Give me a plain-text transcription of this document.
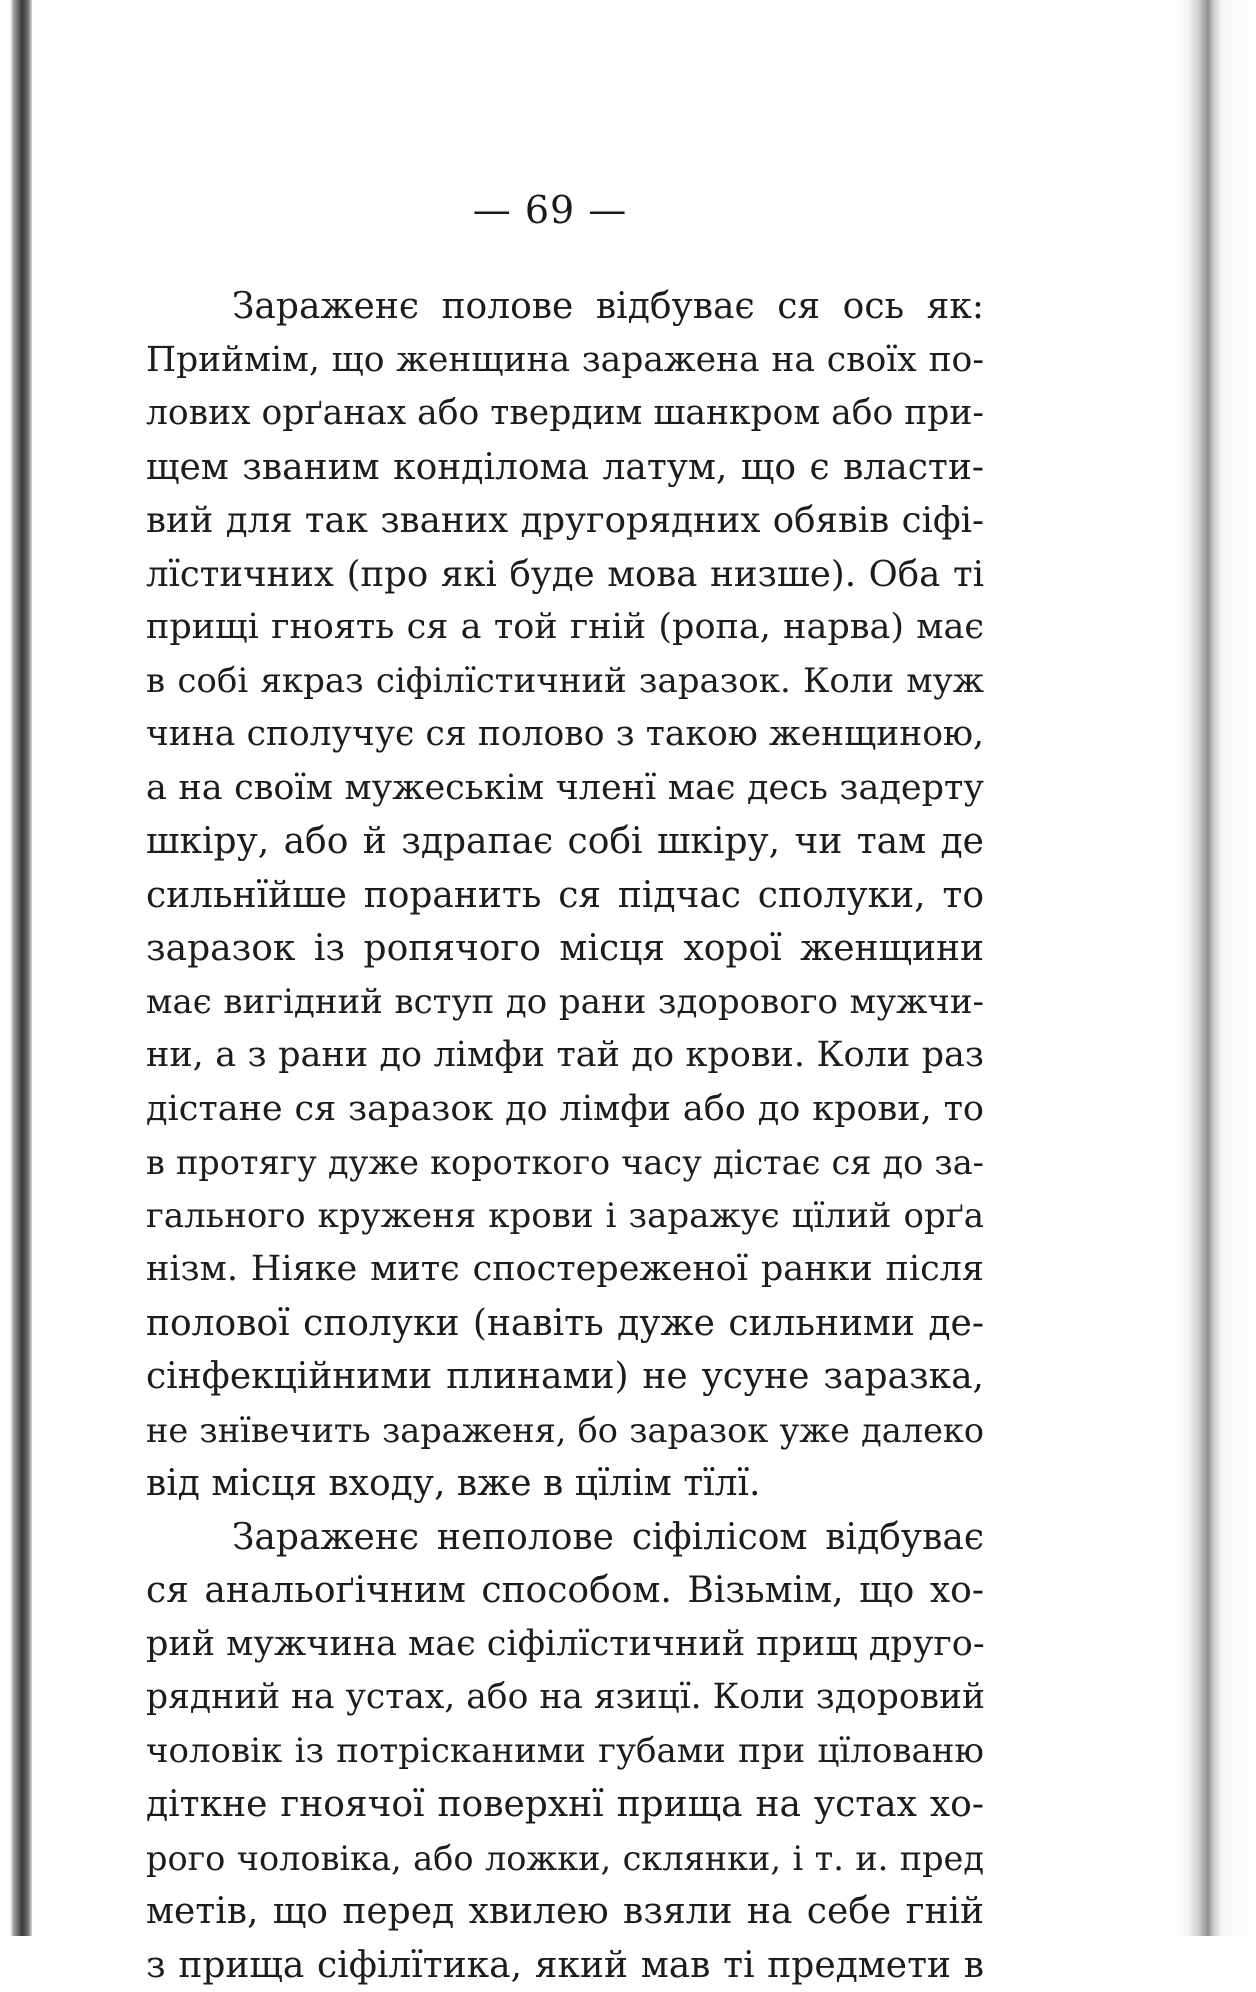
— 69 —
Зараженє полове відбуває ся ось як:
Приймім, що женщина заражена на своїх по-
лових орґанах або твердим шанкром або при-
щем званим конділома латум, що є власти-
вий для так званих другорядних обявів сіфі-
лїстичних (про які буде мова низше). Оба ті
прищі гноять ся а той гній (ропа, нарва) має
в собі якраз сіфілїстичний заразок. Коли муж
чина сполучує ся полово з такою женщиною,
а на своїм мужеськім членї має десь задерту
шкіру, або й здрапає собі шкіру, чи там де
сильнїйше поранить ся підчас сполуки, то
заразок із ропячого місця хорої женщини
має вигідний вступ до рани здорового мужчи-
ни, а з рани до лімфи тай до крови. Коли раз
дістане ся заразок до лімфи або до крови, то
в протягу дуже короткого часу дістає ся до за-
гального круженя крови і заражує цїлий орґа
нізм. Ніяке митє спостереженої ранки після
полової сполуки (навіть дуже сильними де-
сінфекційними плинами) не усуне заразка,
не знївечить зараженя, бо заразок уже далеко
від місця входу, вже в цїлім тїлї.
Зараженє неполове сіфілісом відбуває
ся анальоґічним способом. Візьмім, що хо-
рий мужчина має сіфілїстичний прищ друго-
рядний на устах, або на язицї. Коли здоровий
чоловік із потрісканими губами при цїлованю
діткне гноячої поверхнї прища на устах хо-
рого чоловіка, або ложки, склянки, і т. и. пред
метів, що перед хвилею взяли на себе гній
з прища сіфілїтика, який мав ті предмети в
